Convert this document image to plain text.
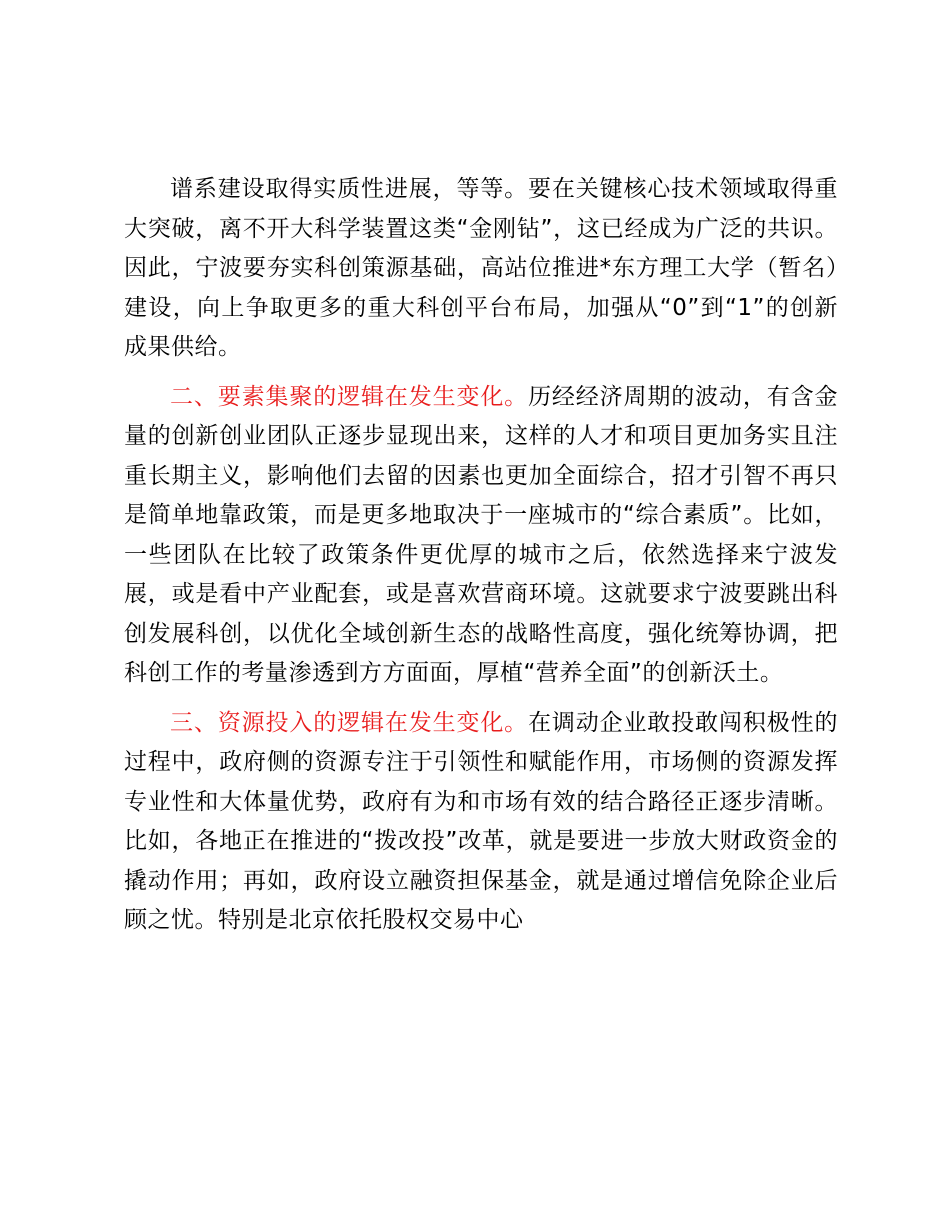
谱系建设取得实质性进展，等等。要在关键核心技术领域取得重大突破，离不开大科学装置这类“金刚钻”，这已经成为广泛的共识。因此，宁波要夯实科创策源基础，高站位推进*东方理工大学（暂名）建设，向上争取更多的重大科创平台布局，加强从“0”到“1”的创新成果供给。

二、要素集聚的逻辑在发生变化。历经经济周期的波动，有含金量的创新创业团队正逐步显现出来，这样的人才和项目更加务实且注重长期主义，影响他们去留的因素也更加全面综合，招才引智不再只是简单地靠政策，而是更多地取决于一座城市的“综合素质”。比如，一些团队在比较了政策条件更优厚的城市之后，依然选择来宁波发展，或是看中产业配套，或是喜欢营商环境。这就要求宁波要跳出科创发展科创，以优化全域创新生态的战略性高度，强化统筹协调，把科创工作的考量渗透到方方面面，厚植“营养全面”的创新沃土。

三、资源投入的逻辑在发生变化。在调动企业敢投敢闯积极性的过程中，政府侧的资源专注于引领性和赋能作用，市场侧的资源发挥专业性和大体量优势，政府有为和市场有效的结合路径正逐步清晰。比如，各地正在推进的“拨改投”改革，就是要进一步放大财政资金的撬动作用；再如，政府设立融资担保基金，就是通过增信免除企业后顾之忧。特别是北京依托股权交易中心
